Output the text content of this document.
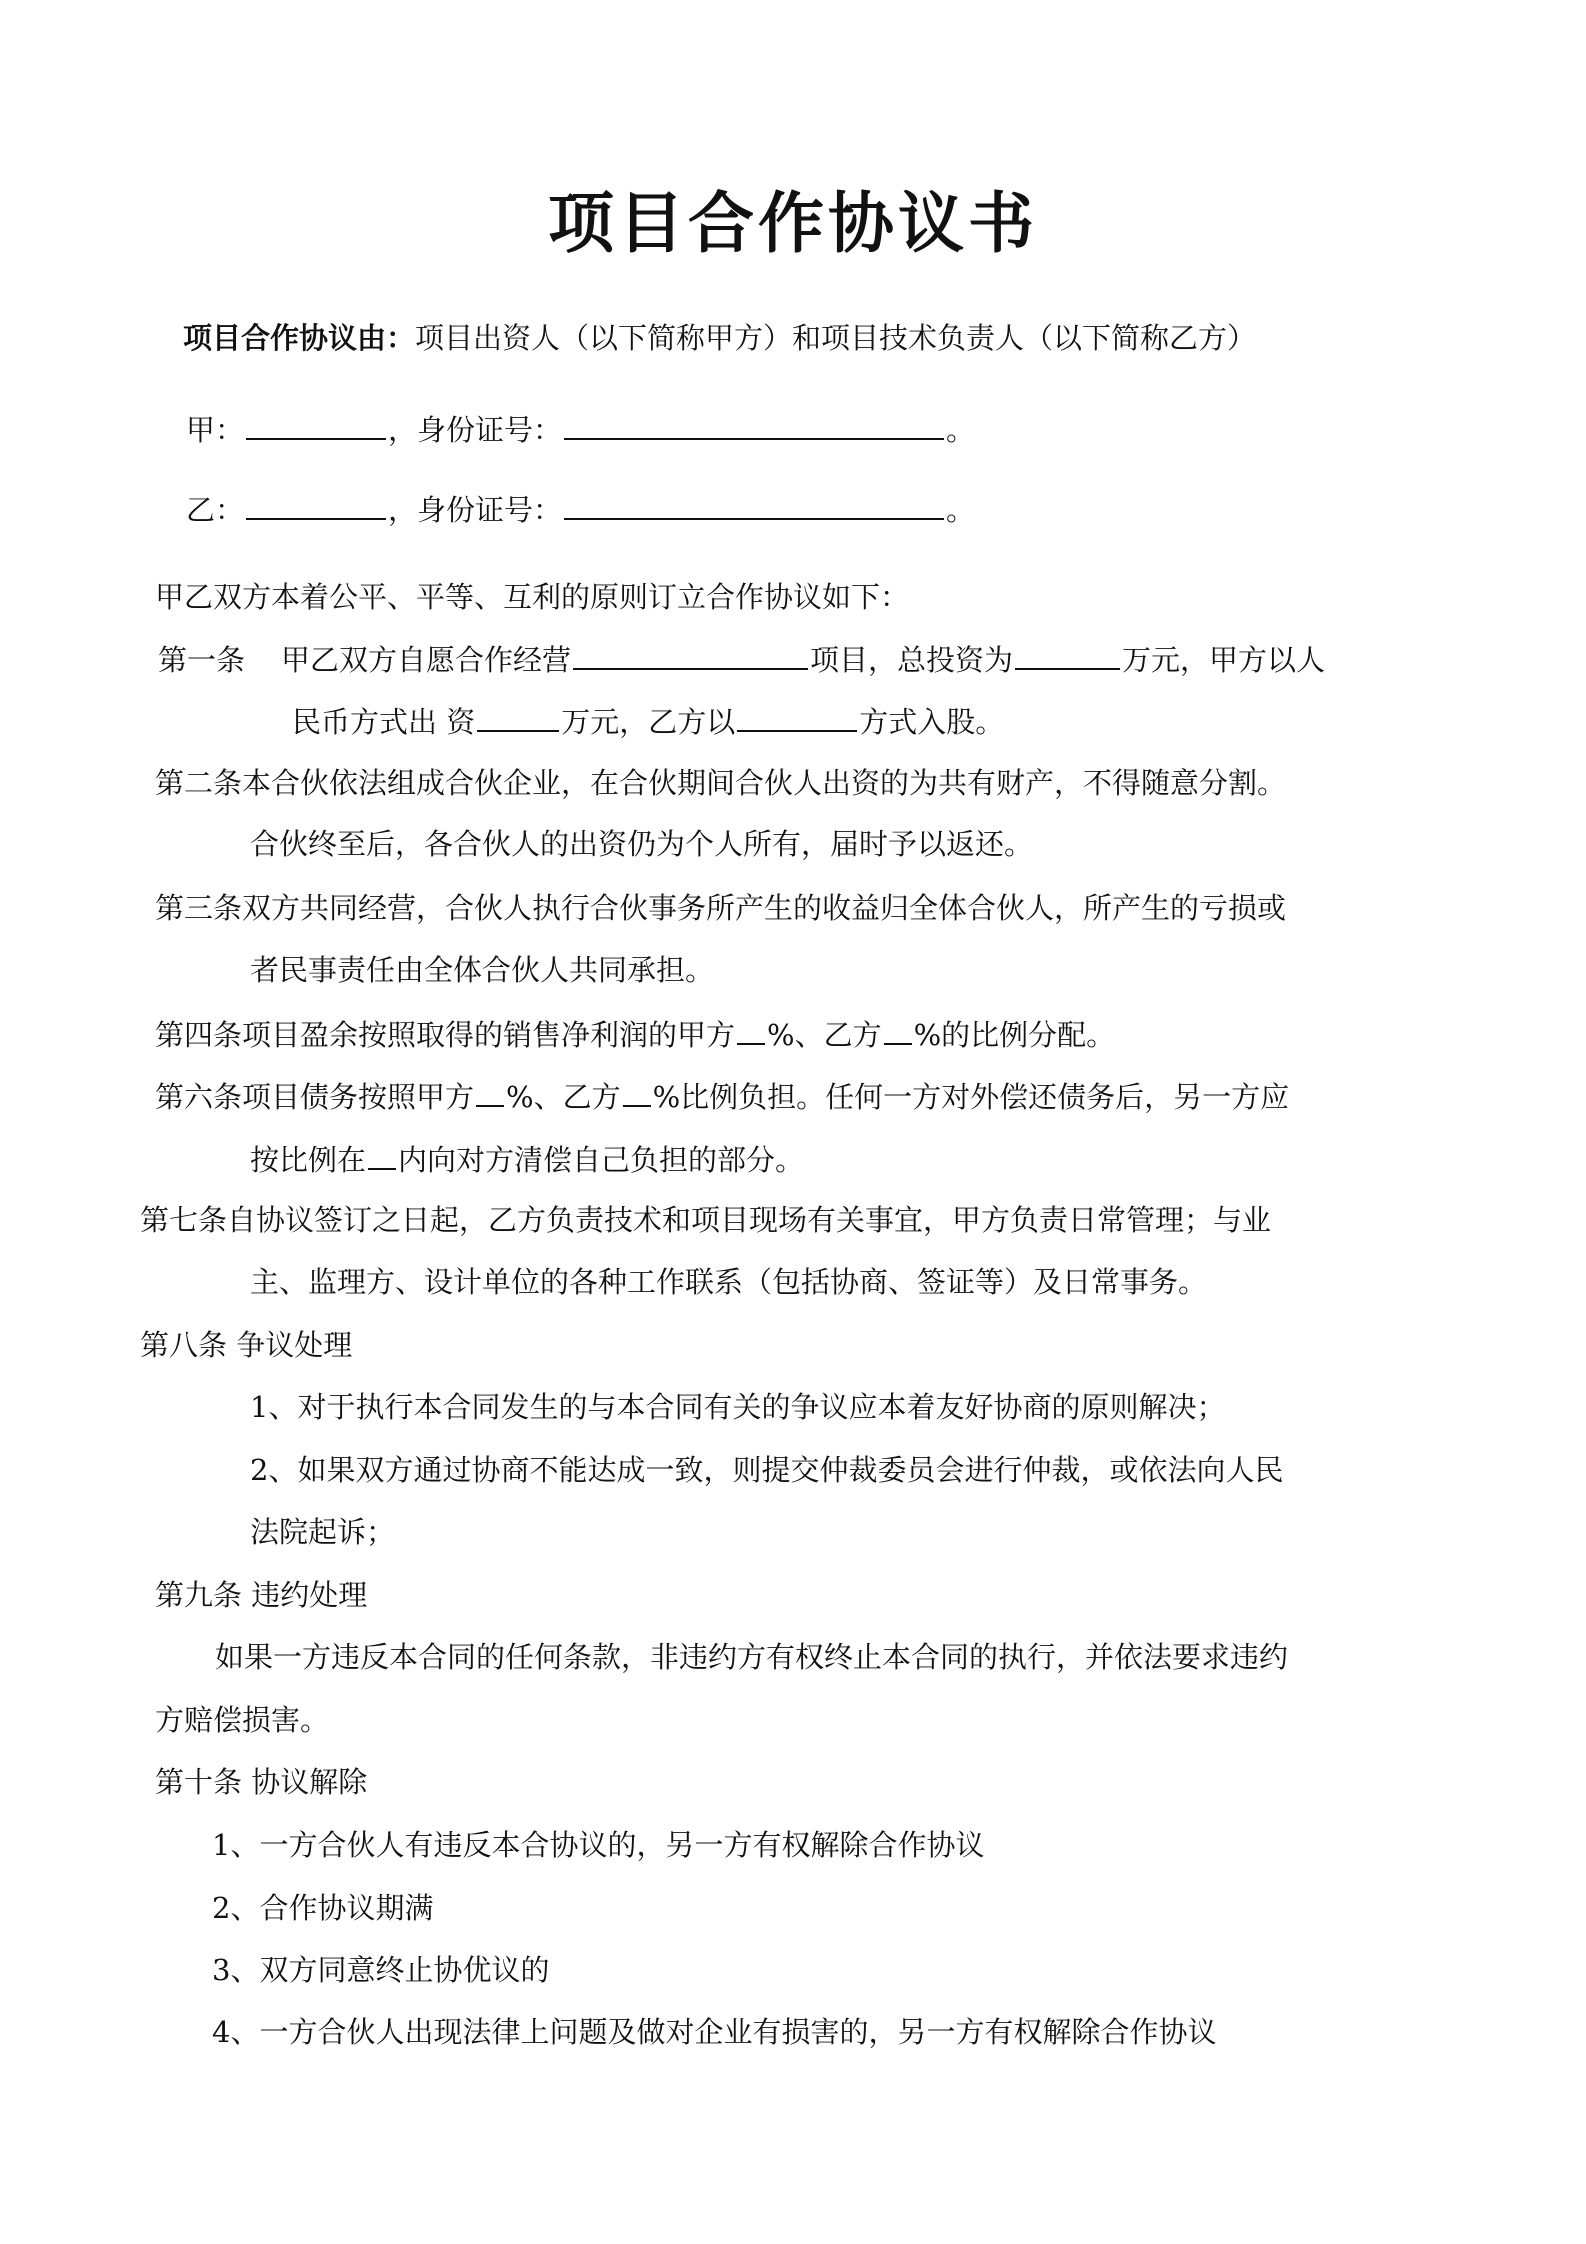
项目合作协议书
项目合作协议由：项目出资人（以下简称甲方）和项目技术负责人（以下简称乙方）
甲：	，身份证号：	。
乙：	，身份证号：	。
甲乙双方本着公平、平等、互利的原则订立合作协议如下：
第一条 甲乙双方自愿合作经营	项目，总投资为	万元，甲方以人
民币方式出 资	万元，乙方以	方式入股。
第二条本合伙依法组成合伙企业，在合伙期间合伙人出资的为共有财产，不得随意分割。
合伙终至后，各合伙人的出资仍为个人所有，届时予以返还。
第三条双方共同经营，合伙人执行合伙事务所产生的收益归全体合伙人，所产生的亏损或
者民事责任由全体合伙人共同承担。
第四条项目盈余按照取得的销售净利润的甲方 %、乙方 %的比例分配。
第六条项目债务按照甲方 %、乙方 %比例负担。任何一方对外偿还债务后，另一方应
按比例在 内向对方清偿自己负担的部分。
第七条自协议签订之日起，乙方负责技术和项目现场有关事宜，甲方负责日常管理；与业
主、监理方、设计单位的各种工作联系（包括协商、签证等）及日常事务。
第八条 争议处理
1、对于执行本合同发生的与本合同有关的争议应本着友好协商的原则解决；
2、如果双方通过协商不能达成一致，则提交仲裁委员会进行仲裁，或依法向人民
法院起诉；
第九条 违约处理
如果一方违反本合同的任何条款，非违约方有权终止本合同的执行，并依法要求违约
方赔偿损害。
第十条 协议解除
1、一方合伙人有违反本合协议的，另一方有权解除合作协议
2、合作协议期满
3、双方同意终止协优议的
4、一方合伙人出现法律上问题及做对企业有损害的，另一方有权解除合作协议
